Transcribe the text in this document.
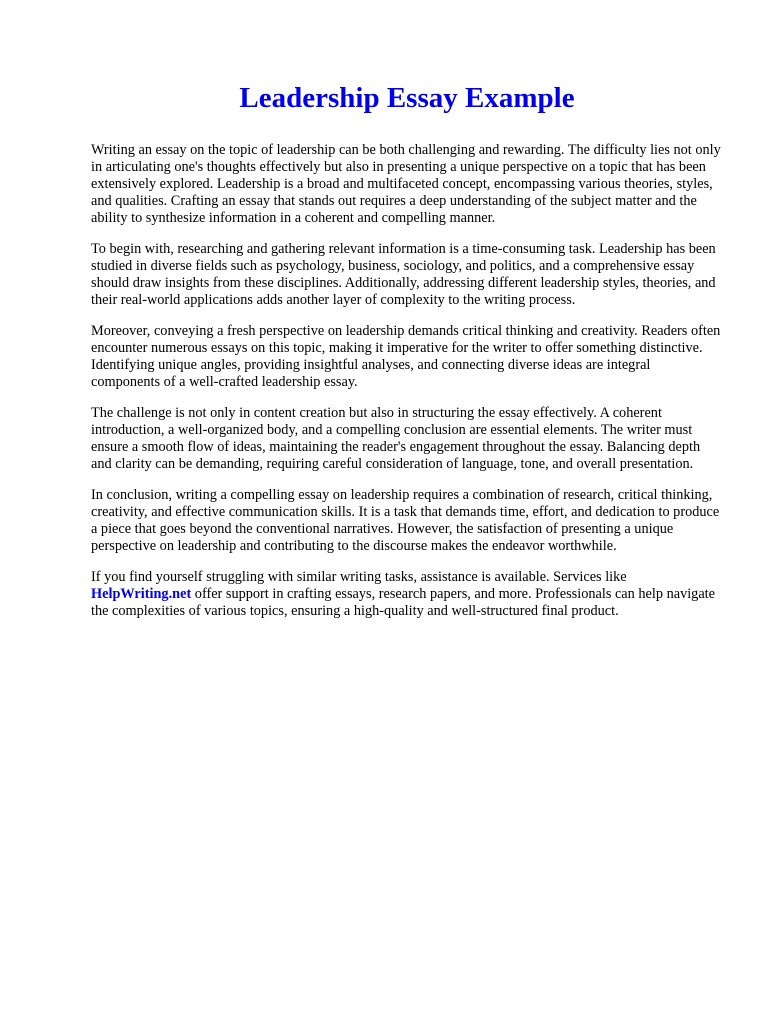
Leadership Essay Example

Writing an essay on the topic of leadership can be both challenging and rewarding. The difficulty lies not only in articulating one's thoughts effectively but also in presenting a unique perspective on a topic that has been extensively explored. Leadership is a broad and multifaceted concept, encompassing various theories, styles, and qualities. Crafting an essay that stands out requires a deep understanding of the subject matter and the ability to synthesize information in a coherent and compelling manner.

To begin with, researching and gathering relevant information is a time-consuming task. Leadership has been studied in diverse fields such as psychology, business, sociology, and politics, and a comprehensive essay should draw insights from these disciplines. Additionally, addressing different leadership styles, theories, and their real-world applications adds another layer of complexity to the writing process.

Moreover, conveying a fresh perspective on leadership demands critical thinking and creativity. Readers often encounter numerous essays on this topic, making it imperative for the writer to offer something distinctive. Identifying unique angles, providing insightful analyses, and connecting diverse ideas are integral components of a well-crafted leadership essay.

The challenge is not only in content creation but also in structuring the essay effectively. A coherent introduction, a well-organized body, and a compelling conclusion are essential elements. The writer must ensure a smooth flow of ideas, maintaining the reader's engagement throughout the essay. Balancing depth and clarity can be demanding, requiring careful consideration of language, tone, and overall presentation.

In conclusion, writing a compelling essay on leadership requires a combination of research, critical thinking, creativity, and effective communication skills. It is a task that demands time, effort, and dedication to produce a piece that goes beyond the conventional narratives. However, the satisfaction of presenting a unique perspective on leadership and contributing to the discourse makes the endeavor worthwhile.

If you find yourself struggling with similar writing tasks, assistance is available. Services like HelpWriting.net offer support in crafting essays, research papers, and more. Professionals can help navigate the complexities of various topics, ensuring a high-quality and well-structured final product.
